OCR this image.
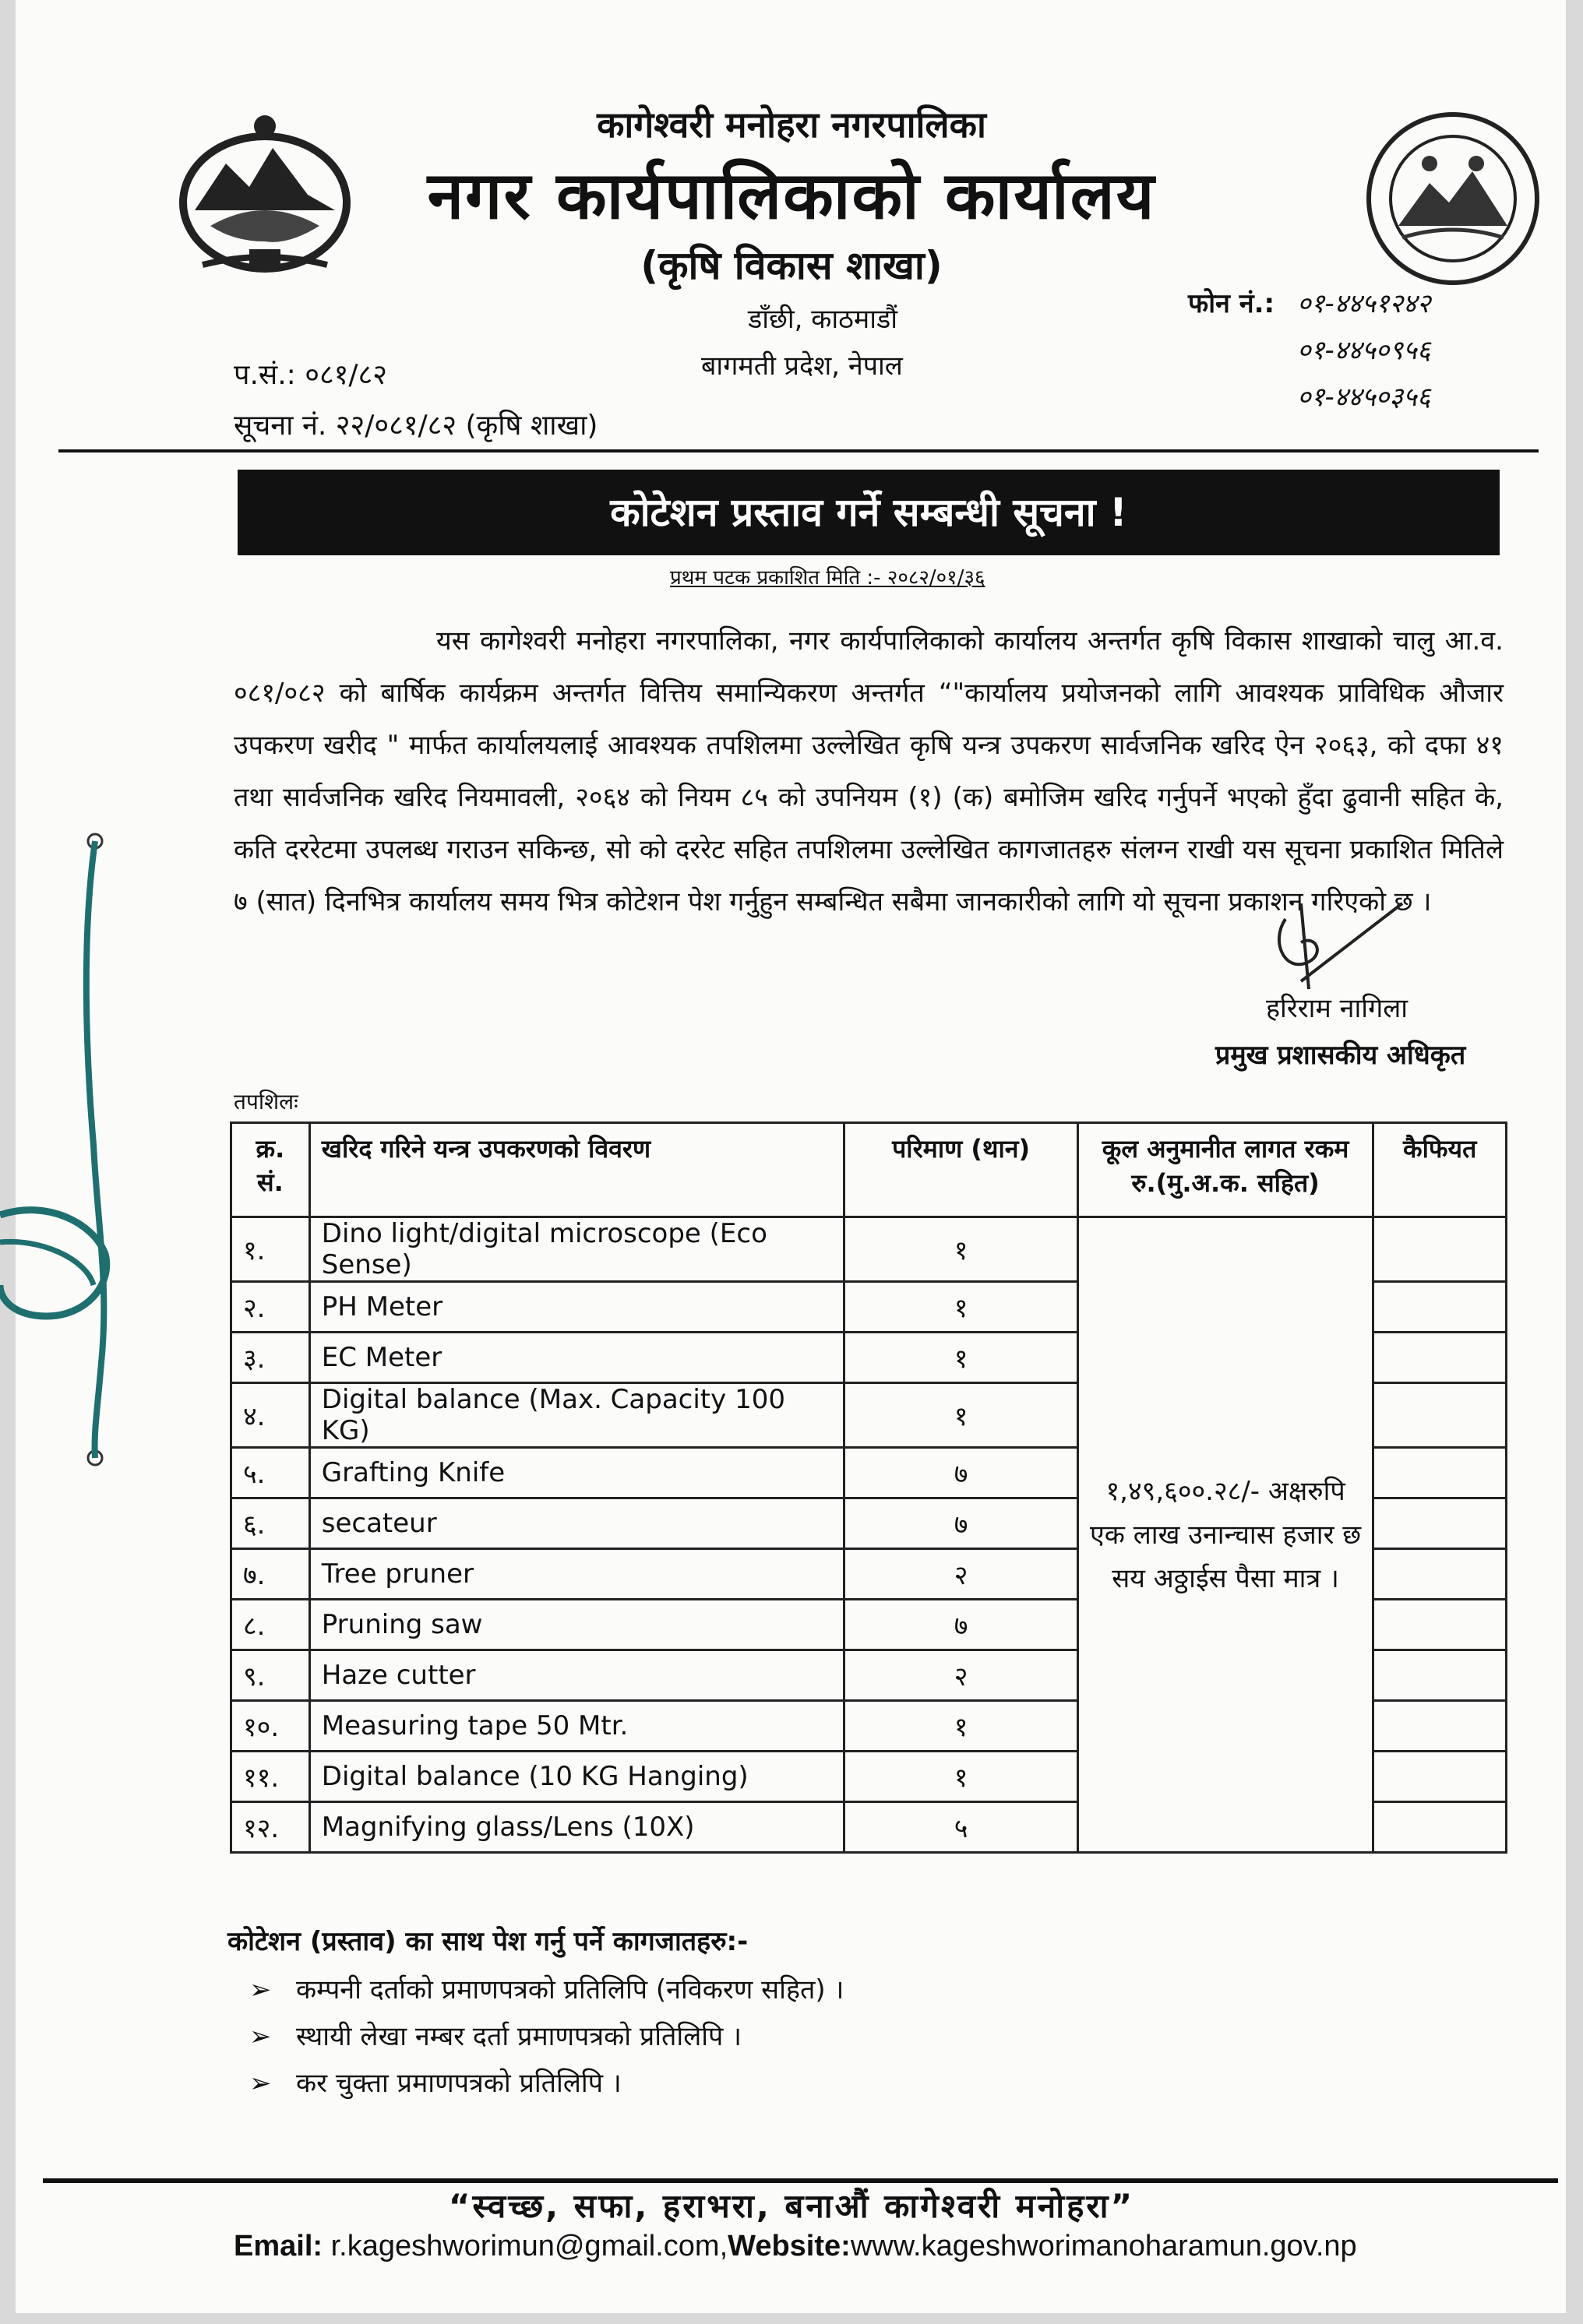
कागेश्वरी मनोहरा नगरपालिका
नगर कार्यपालिकाको कार्यालय
(कृषि विकास शाखा)
डाँछी, काठमाडौं
बागमती प्रदेश, नेपाल
प.सं.: ०८१/८२
सूचना नं. २२/०८१/८२ (कृषि शाखा)
फोन नं.: ०१-४४५१२४२
०१-४४५०९५६
०१-४४५०३५६
कोटेशन प्रस्ताव गर्ने सम्बन्धी सूचना !
प्रथम पटक प्रकाशित मिति :- २०८२/०१/३६
यस कागेश्वरी मनोहरा नगरपालिका, नगर कार्यपालिकाको कार्यालय अन्तर्गत कृषि विकास शाखाको चालु आ.व. ०८१/०८२ को बार्षिक कार्यक्रम अन्तर्गत वित्तिय समान्यिकरण अन्तर्गत “"कार्यालय प्रयोजनको लागि आवश्यक प्राविधिक औजार उपकरण खरीद " मार्फत कार्यालयलाई आवश्यक तपशिलमा उल्लेखित कृषि यन्त्र उपकरण सार्वजनिक खरिद ऐन २०६३, को दफा ४१ तथा सार्वजनिक खरिद नियमावली, २०६४ को नियम ८५ को उपनियम (१) (क) बमोजिम खरिद गर्नुपर्ने भएको हुँदा ढुवानी सहित के, कति दररेटमा उपलब्ध गराउन सकिन्छ, सो को दररेट सहित तपशिलमा उल्लेखित कागजातहरु संलग्न राखी यस सूचना प्रकाशित मितिले ७ (सात) दिनभित्र कार्यालय समय भित्र कोटेशन पेश गर्नुहुन सम्बन्धित सबैमा जानकारीको लागि यो सूचना प्रकाशन गरिएको छ ।
हरिराम नागिला
प्रमुख प्रशासकीय अधिकृत
तपशिलः
क्र. सं.	खरिद गरिने यन्त्र उपकरणको विवरण	परिमाण (थान)	कूल अनुमानीत लागत रकम रु.(मु.अ.क. सहित)	कैफियत
१.	Dino light/digital microscope (Eco Sense)	१	१,४९,६००.२८/- अक्षरुपि एक लाख उनान्चास हजार छ सय अठ्ठाईस पैसा मात्र ।	
२.	PH Meter	१		
३.	EC Meter	१		
४.	Digital balance (Max. Capacity 100 KG)	१		
५.	Grafting Knife	७		
६.	secateur	७		
७.	Tree pruner	२		
८.	Pruning saw	७		
९.	Haze cutter	२		
१०.	Measuring tape 50 Mtr.	१		
११.	Digital balance (10 KG Hanging)	१		
१२.	Magnifying glass/Lens (10X)	५		
कोटेशन (प्रस्ताव) का साथ पेश गर्नु पर्ने कागजातहरु:-
➢ कम्पनी दर्ताको प्रमाणपत्रको प्रतिलिपि (नविकरण सहित) ।
➢ स्थायी लेखा नम्बर दर्ता प्रमाणपत्रको प्रतिलिपि ।
➢ कर चुक्ता प्रमाणपत्रको प्रतिलिपि ।
“स्वच्छ, सफा, हराभरा, बनाऔं कागेश्वरी मनोहरा”
Email: r.kageshworimun@gmail.com,Website:www.kageshworimanoharamun.gov.np
